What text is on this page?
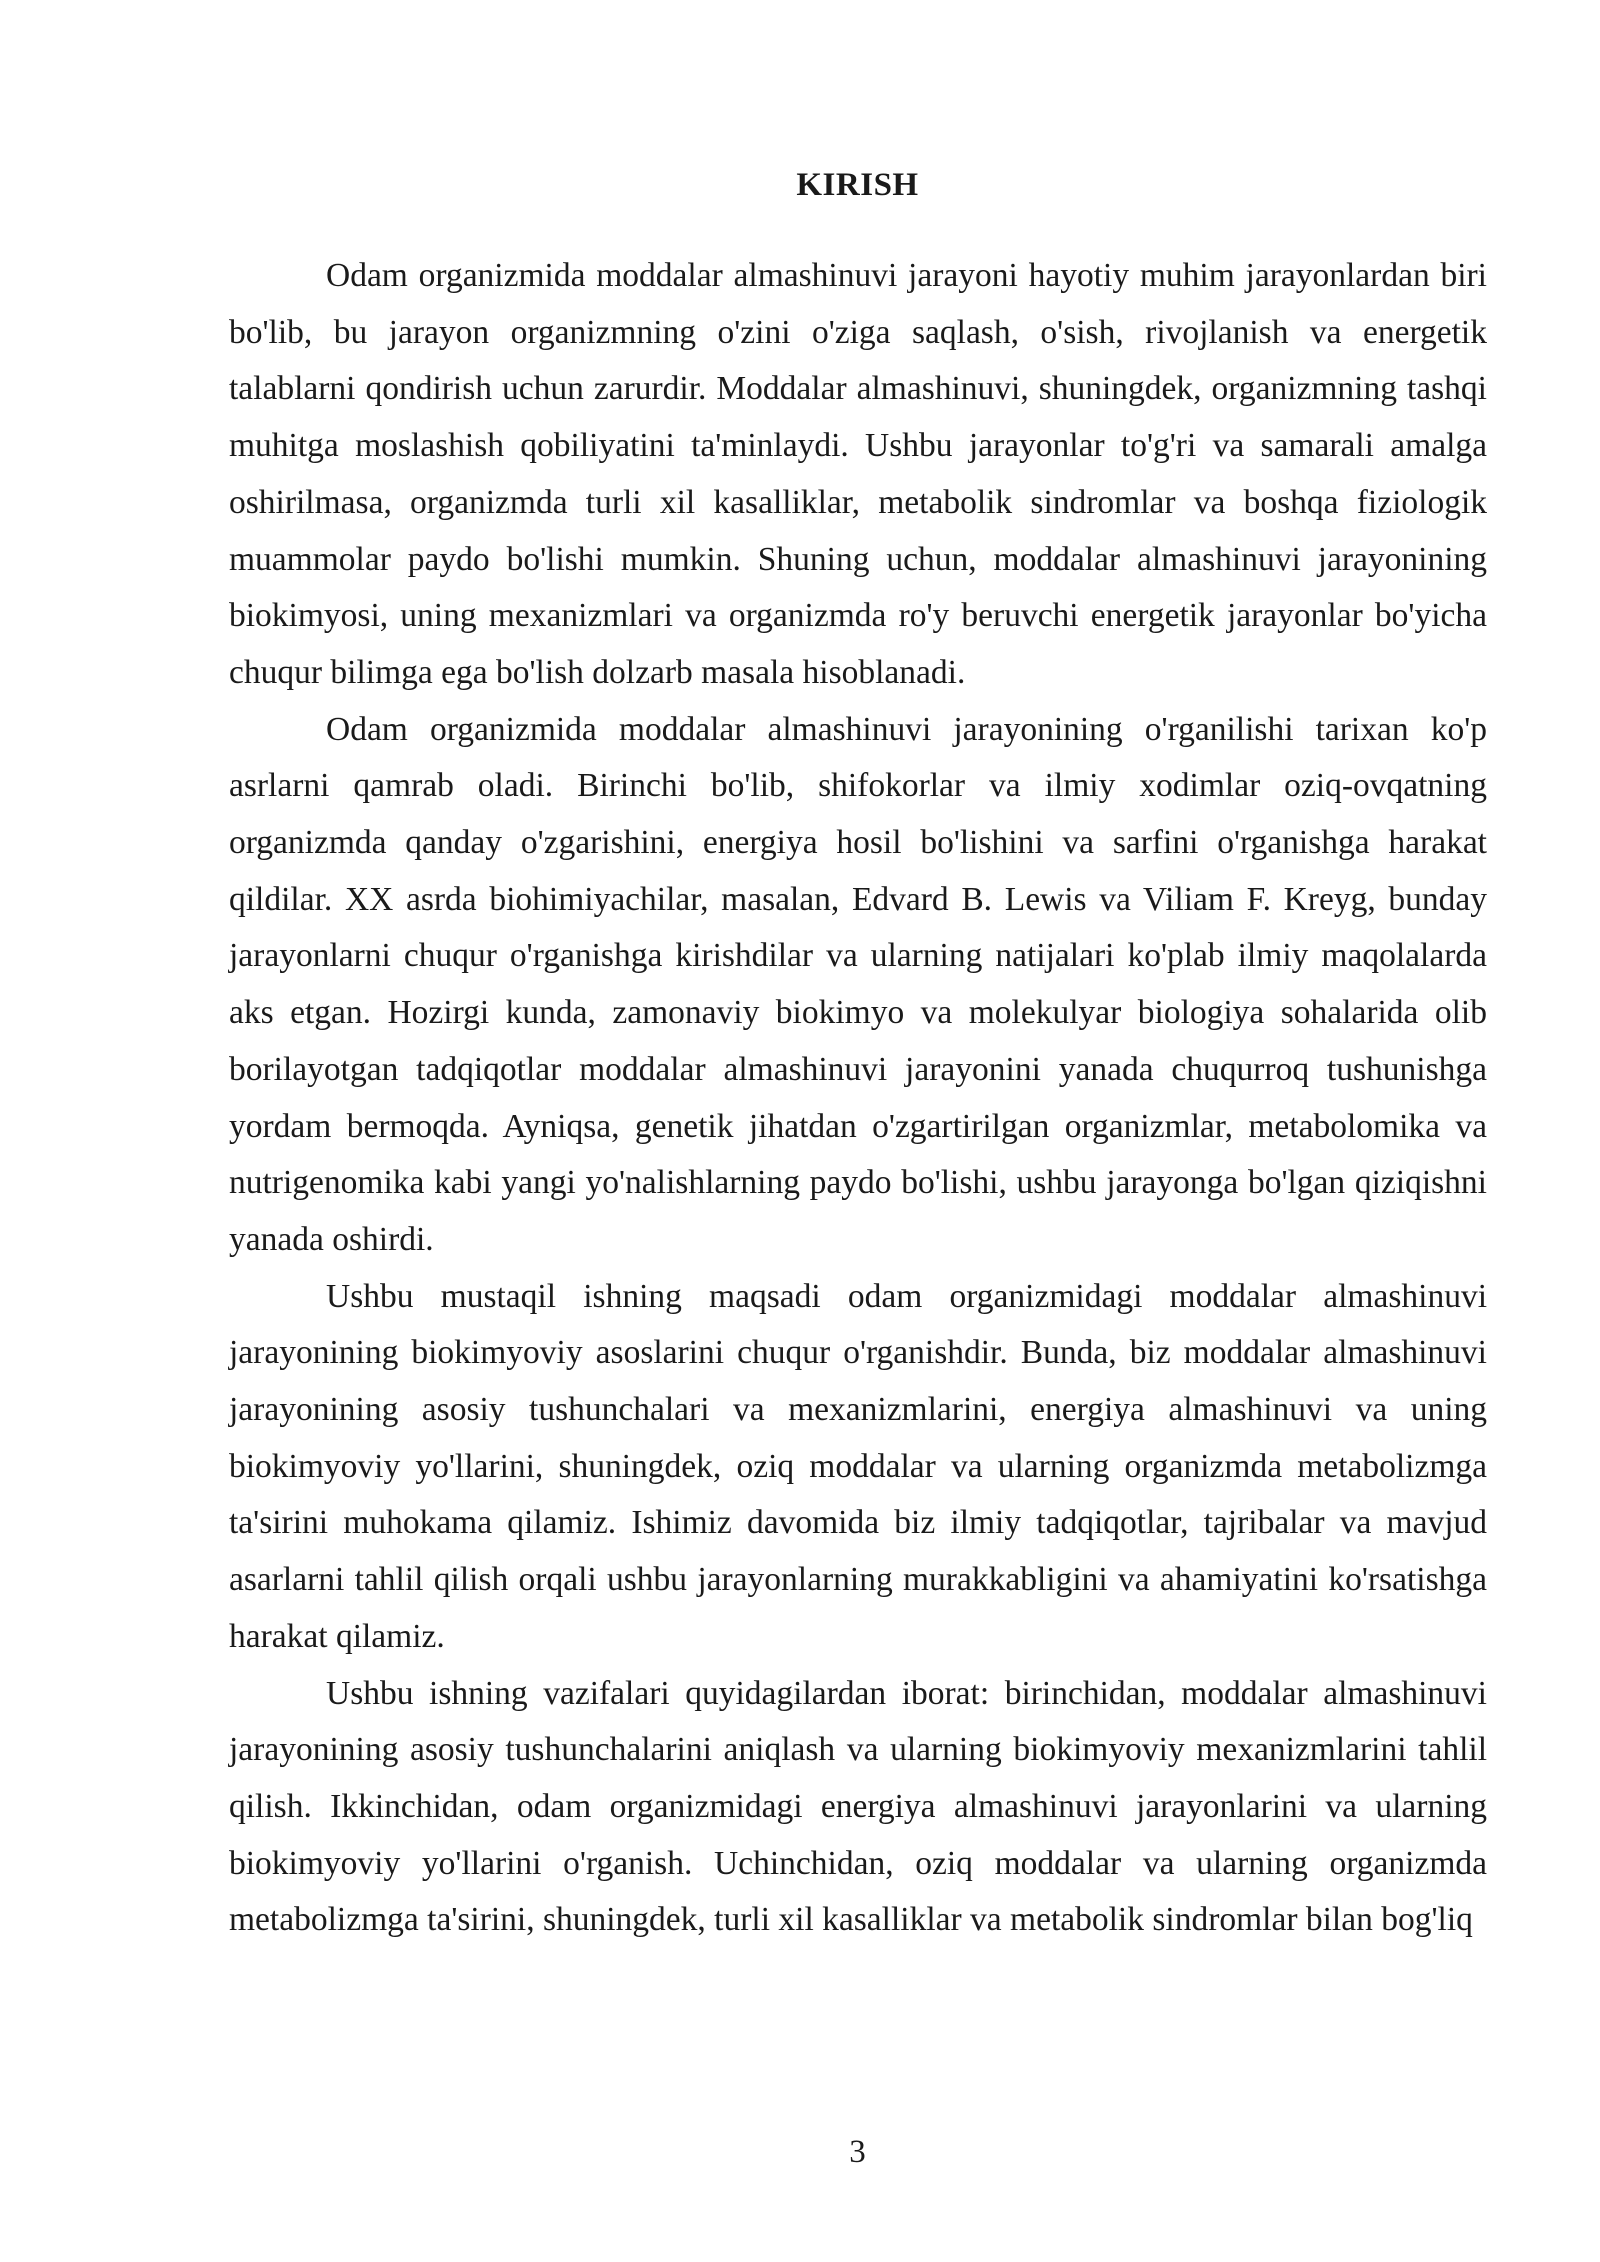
KIRISH

Odam organizmida moddalar almashinuvi jarayoni hayotiy muhim jarayonlardan biri bo'lib, bu jarayon organizmning o'zini o'ziga saqlash, o'sish, rivojlanish va energetik talablarni qondirish uchun zarurdir. Moddalar almashinuvi, shuningdek, organizmning tashqi muhitga moslashish qobiliyatini ta'minlaydi. Ushbu jarayonlar to'g'ri va samarali amalga oshirilmasa, organizmda turli xil kasalliklar, metabolik sindromlar va boshqa fiziologik muammolar paydo bo'lishi mumkin. Shuning uchun, moddalar almashinuvi jarayonining biokimyosi, uning mexanizmlari va organizmda ro'y beruvchi energetik jarayonlar bo'yicha chuqur bilimga ega bo'lish dolzarb masala hisoblanadi.

Odam organizmida moddalar almashinuvi jarayonining o'rganilishi tarixan ko'p asrlarni qamrab oladi. Birinchi bo'lib, shifokorlar va ilmiy xodimlar oziq-ovqatning organizmda qanday o'zgarishini, energiya hosil bo'lishini va sarfini o'rganishga harakat qildilar. XX asrda biohimiyachilar, masalan, Edvard B. Lewis va Viliam F. Kreyg, bunday jarayonlarni chuqur o'rganishga kirishdilar va ularning natijalari ko'plab ilmiy maqolalarda aks etgan. Hozirgi kunda, zamonaviy biokimyo va molekulyar biologiya sohalarida olib borilayotgan tadqiqotlar moddalar almashinuvi jarayonini yanada chuqurroq tushunishga yordam bermoqda. Ayniqsa, genetik jihatdan o'zgartirilgan organizmlar, metabolomika va nutrigenomika kabi yangi yo'nalishlarning paydo bo'lishi, ushbu jarayonga bo'lgan qiziqishni yanada oshirdi.

Ushbu mustaqil ishning maqsadi odam organizmidagi moddalar almashinuvi jarayonining biokimyoviy asoslarini chuqur o'rganishdir. Bunda, biz moddalar almashinuvi jarayonining asosiy tushunchalari va mexanizmlarini, energiya almashinuvi va uning biokimyoviy yo'llarini, shuningdek, oziq moddalar va ularning organizmda metabolizmga ta'sirini muhokama qilamiz. Ishimiz davomida biz ilmiy tadqiqotlar, tajribalar va mavjud asarlarni tahlil qilish orqali ushbu jarayonlarning murakkabligini va ahamiyatini ko'rsatishga harakat qilamiz.

Ushbu ishning vazifalari quyidagilardan iborat: birinchidan, moddalar almashinuvi jarayonining asosiy tushunchalarini aniqlash va ularning biokimyoviy mexanizmlarini tahlil qilish. Ikkinchidan, odam organizmidagi energiya almashinuvi jarayonlarini va ularning biokimyoviy yo'llarini o'rganish. Uchinchidan, oziq moddalar va ularning organizmda metabolizmga ta'sirini, shuningdek, turli xil kasalliklar va metabolik sindromlar bilan bog'liq

3
